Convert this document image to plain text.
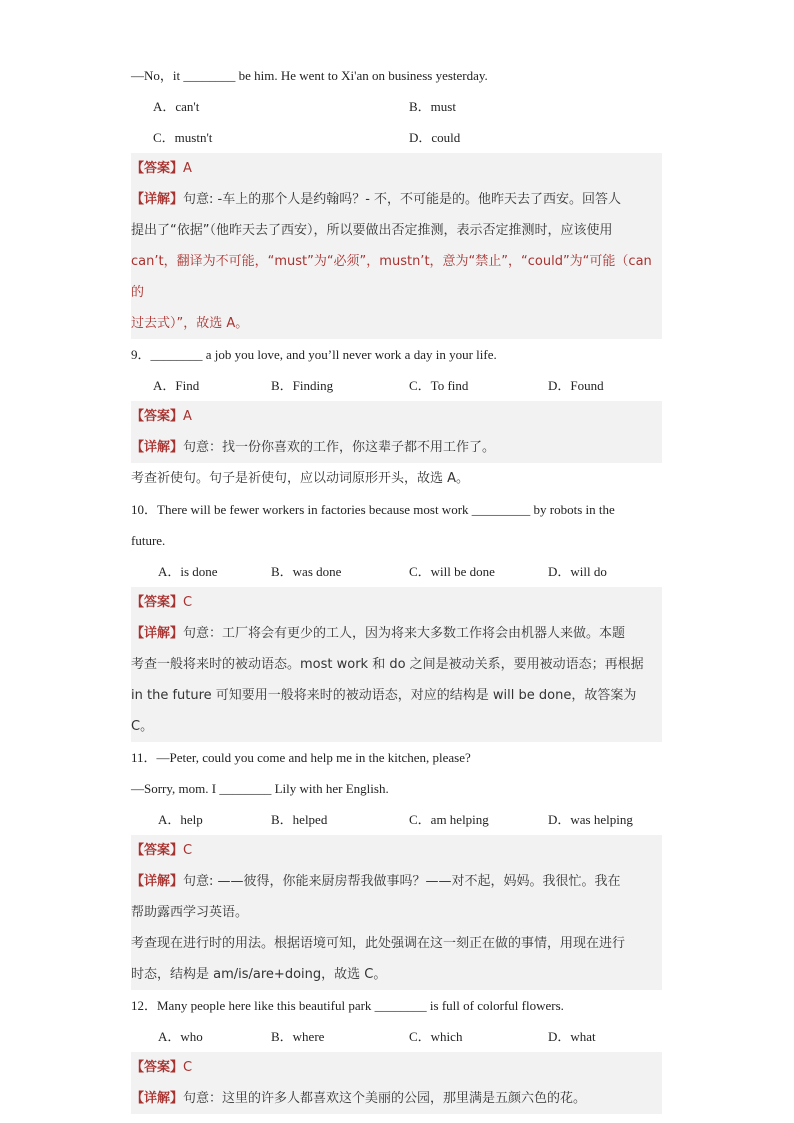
—No，it ________ be him. He went to Xi'an on business yesterday.
A．can't	B．must
C．mustn't	D．could
【答案】A
【详解】句意: -车上的那个人是约翰吗？- 不，不可能是的。他昨天去了西安。回答人
提出了“依据”（他昨天去了西安），所以要做出否定推测，表示否定推测时，应该使用
can’t，翻译为不可能，“must”为“必须”，mustn’t，意为“禁止”，“could”为“可能（can 的
过去式）”，故选 A。
9．________ a job you love, and you’ll never work a day in your life.
A．Find	B．Finding	C．To find	D．Found
【答案】A
【详解】句意：找一份你喜欢的工作，你这辈子都不用工作了。
考查祈使句。句子是祈使句，应以动词原形开头，故选 A。
10．There will be fewer workers in factories because most work _________ by robots in the
future.
A．is done	B．was done	C．will be done	D．will do
【答案】C
【详解】句意：工厂将会有更少的工人，因为将来大多数工作将会由机器人来做。本题
考查一般将来时的被动语态。most work 和 do 之间是被动关系，要用被动语态；再根据
in the future 可知要用一般将来时的被动语态，对应的结构是 will be done，故答案为 C。
11．—Peter, could you come and help me in the kitchen, please?
—Sorry, mom. I ________ Lily with her English.
A．help	B．helped	C．am helping	D．was helping
【答案】C
【详解】句意: ——彼得，你能来厨房帮我做事吗？——对不起，妈妈。我很忙。我在
帮助露西学习英语。
考查现在进行时的用法。根据语境可知，此处强调在这一刻正在做的事情，用现在进行
时态，结构是 am/is/are+doing，故选 C。
12．Many people here like this beautiful park ________ is full of colorful flowers.
A．who	B．where	C．which	D．what
【答案】C
【详解】句意：这里的许多人都喜欢这个美丽的公园，那里满是五颜六色的花。
